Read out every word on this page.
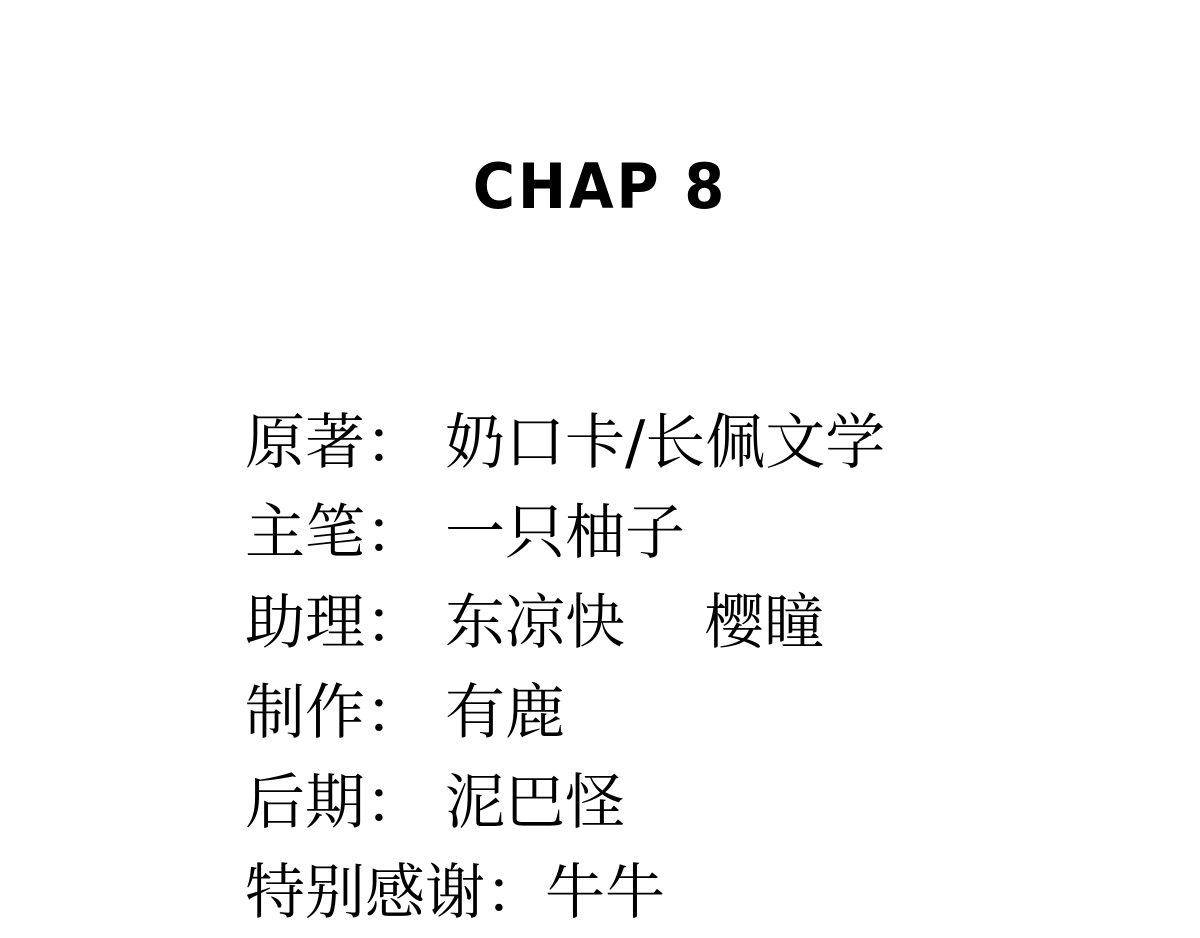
CHAP 8
原著： 奶口卡/长佩文学
主笔： 一只柚子
助理： 东凉快　 樱瞳
制作： 有鹿
后期： 泥巴怪
特别感谢： 牛牛
